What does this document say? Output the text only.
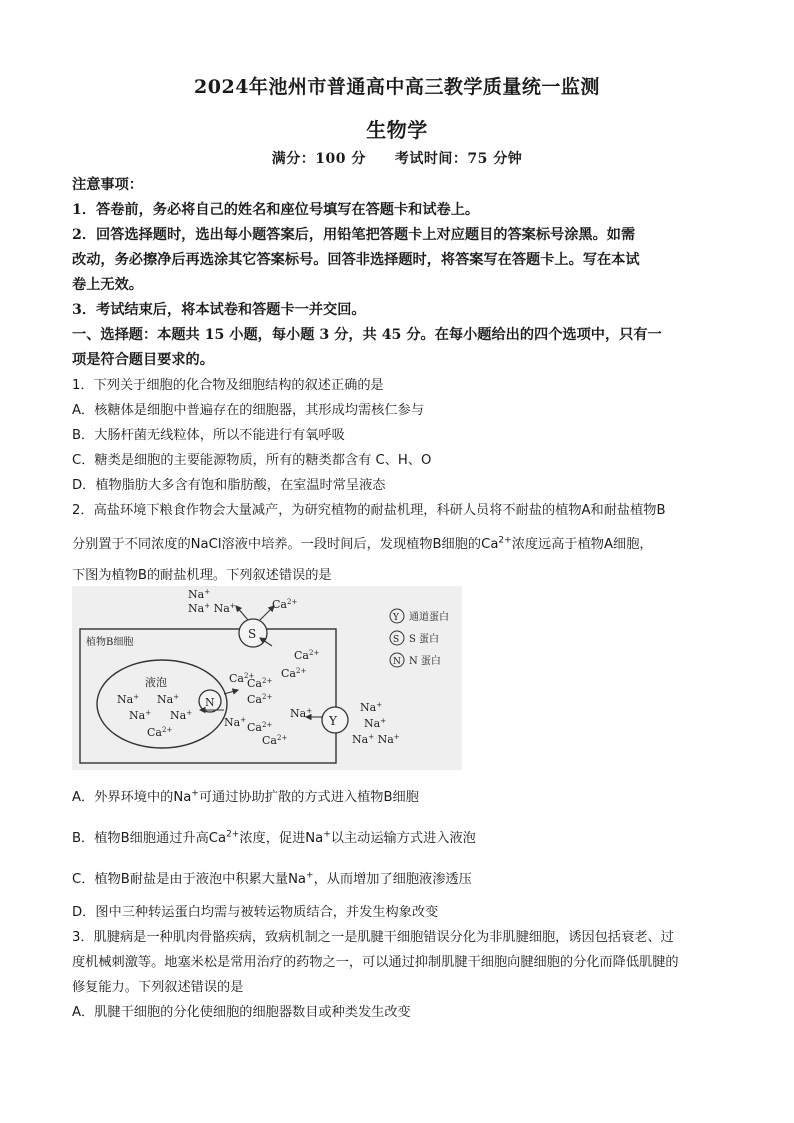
2024年池州市普通高中高三教学质量统一监测
生物学
满分：100 分　　考试时间：75 分钟
注意事项：
1．答卷前，务必将自己的姓名和座位号填写在答题卡和试卷上。
2．回答选择题时，选出每小题答案后，用铅笔把答题卡上对应题目的答案标号涂黑。如需
改动，务必擦净后再选涂其它答案标号。回答非选择题时，将答案写在答题卡上。写在本试
卷上无效。
3．考试结束后，将本试卷和答题卡一并交回。
一、选择题：本题共 15 小题，每小题 3 分，共 45 分。在每小题给出的四个选项中，只有一
项是符合题目要求的。
1．下列关于细胞的化合物及细胞结构的叙述正确的是
A．核糖体是细胞中普遍存在的细胞器，其形成均需核仁参与
B．大肠杆菌无线粒体，所以不能进行有氧呼吸
C．糖类是细胞的主要能源物质，所有的糖类都含有 C、H、O
D．植物脂肪大多含有饱和脂肪酸，在室温时常呈液态
2．高盐环境下粮食作物会大量减产，为研究植物的耐盐机理，科研人员将不耐盐的植物A和耐盐植物B
分别置于不同浓度的NaCl溶液中培养。一段时间后，发现植物B细胞的$Ca^{2+}$浓度远高于植物A细胞，
下图为植物B的耐盐机理。下列叙述错误的是
植物B细胞
液泡
S
N
Y
Y 通道蛋白
S S 蛋白
N N 蛋白
Na+
Na+ Na+	$Ca^{2+}$
$Ca^{2+}$
$Ca^{2+}$
$Ca^{2+}$
$Ca^{2+}$
$Ca^{2+}$
$Ca^{2+}$
Na+
$Ca^{2+}$
Na+
Na+ Na+
Na+ Na+
$Ca^{2+}$
Na+
Na+
Na+ Na+
A．外界环境中的Na+可通过协助扩散的方式进入植物B细胞
B．植物B细胞通过升高$Ca^{2+}$浓度，促进Na+以主动运输方式进入液泡
C．植物B耐盐是由于液泡中积累大量Na+，从而增加了细胞液渗透压
D．图中三种转运蛋白均需与被转运物质结合，并发生构象改变
3．肌腱病是一种肌肉骨骼疾病，致病机制之一是肌腱干细胞错误分化为非肌腱细胞，诱因包括衰老、过
度机械刺激等。地塞米松是常用治疗的药物之一，可以通过抑制肌腱干细胞向腱细胞的分化而降低肌腱的
修复能力。下列叙述错误的是
A．肌腱干细胞的分化使细胞的细胞器数目或种类发生改变
